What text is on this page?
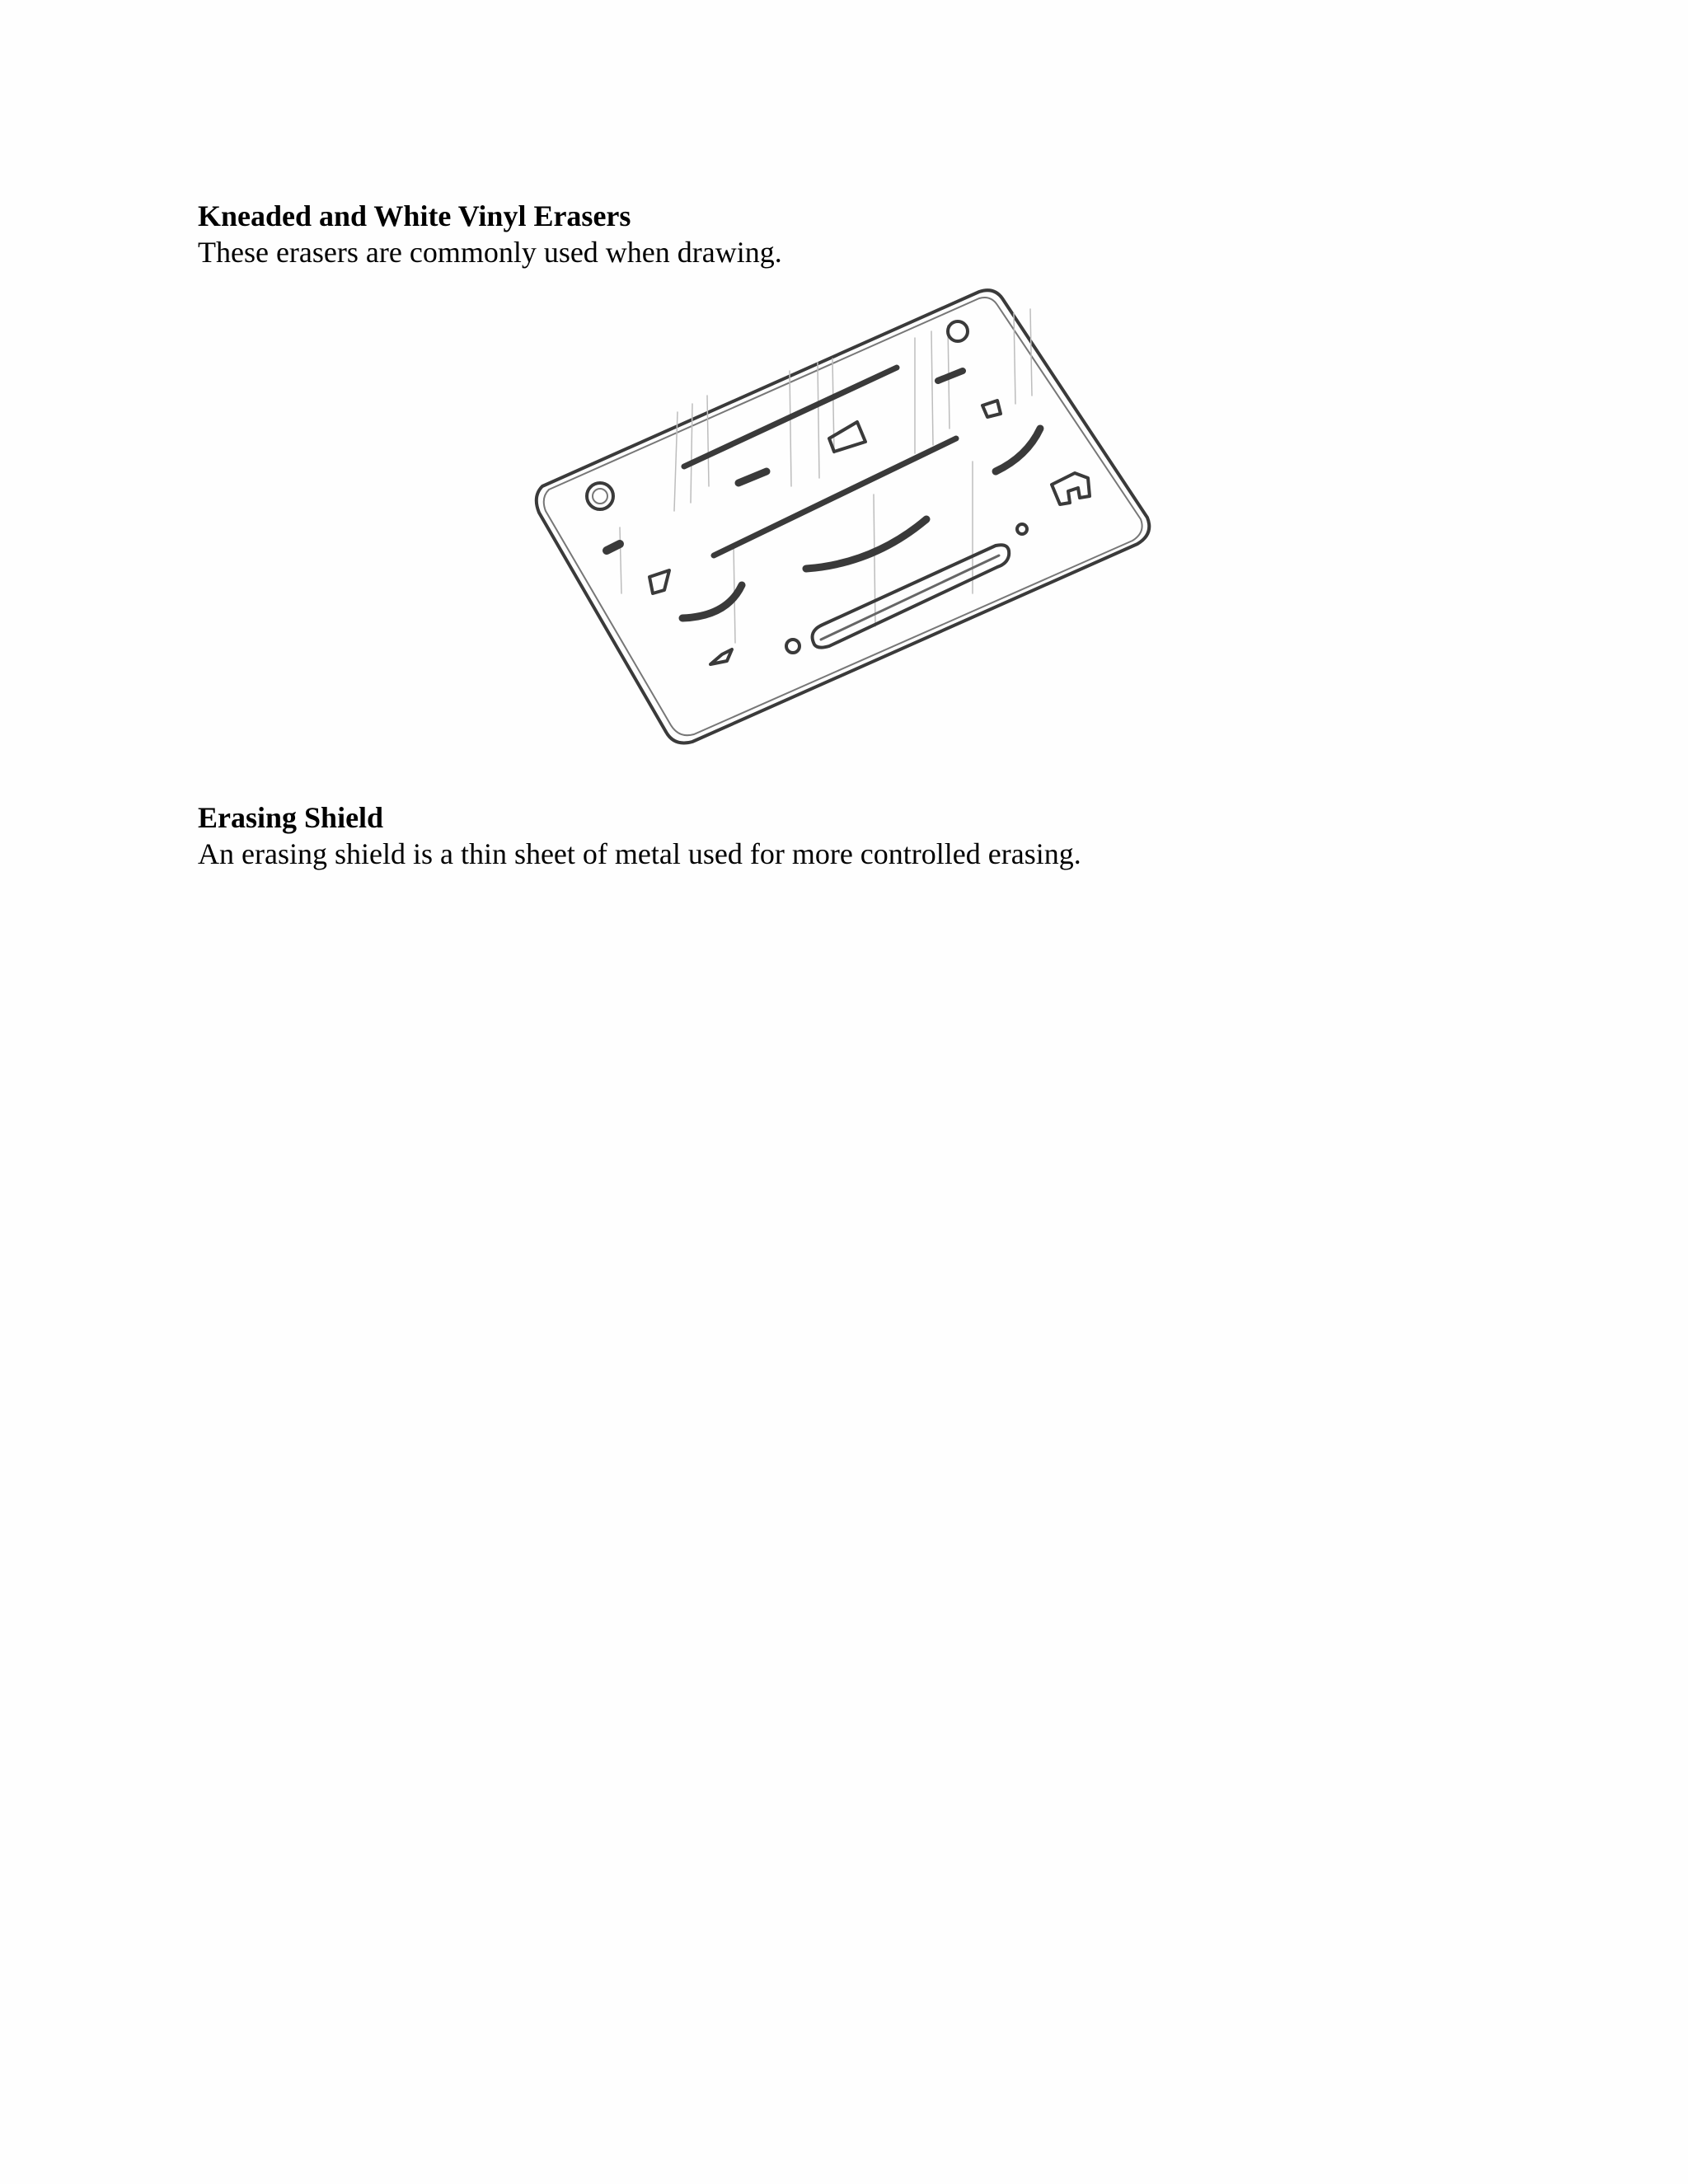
Kneaded and White Vinyl Erasers
These erasers are commonly used when drawing.
Erasing Shield
An erasing shield is a thin sheet of metal used for more controlled erasing.
